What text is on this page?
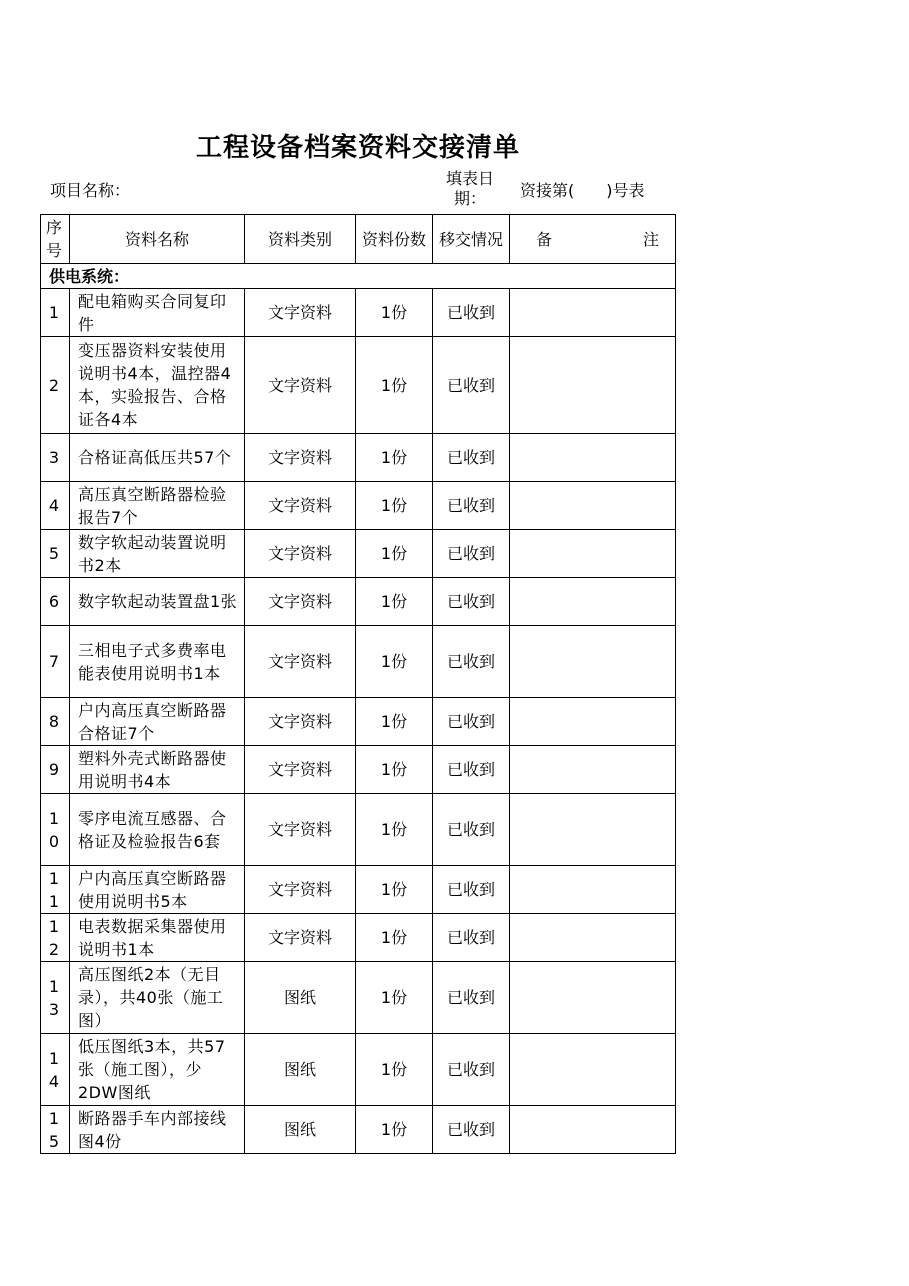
工程设备档案资料交接清单
项目名称：
填表日
期：	资接第(　　)号表
序号	资料名称	资料类别	资料份数	移交情况	备 注

供电系统：					
1	配电箱购买合同复印件	文字资料	1份	已收到	
2	变压器资料安装使用说明书4本，温控器4本，实验报告、合格证各4本	文字资料	1份	已收到	
3	合格证高低压共57个	文字资料	1份	已收到	
4	高压真空断路器检验报告7个	文字资料	1份	已收到	
5	数字软起动装置说明书2本	文字资料	1份	已收到	
6	数字软起动装置盘1张	文字资料	1份	已收到	
7	三相电子式多费率电能表使用说明书1本	文字资料	1份	已收到	
8	户内高压真空断路器合格证7个	文字资料	1份	已收到	
9	塑料外壳式断路器使用说明书4本	文字资料	1份	已收到	
10	零序电流互感器、合格证及检验报告6套	文字资料	1份	已收到	
11	户内高压真空断路器使用说明书5本	文字资料	1份	已收到	
12	电表数据采集器使用说明书1本	文字资料	1份	已收到	
13	高压图纸2本（无目录），共40张（施工图）	图纸	1份	已收到	
14	低压图纸3本，共57张（施工图），少2DW图纸	图纸	1份	已收到	
15	断路器手车内部接线图4份	图纸	1份	已收到	
